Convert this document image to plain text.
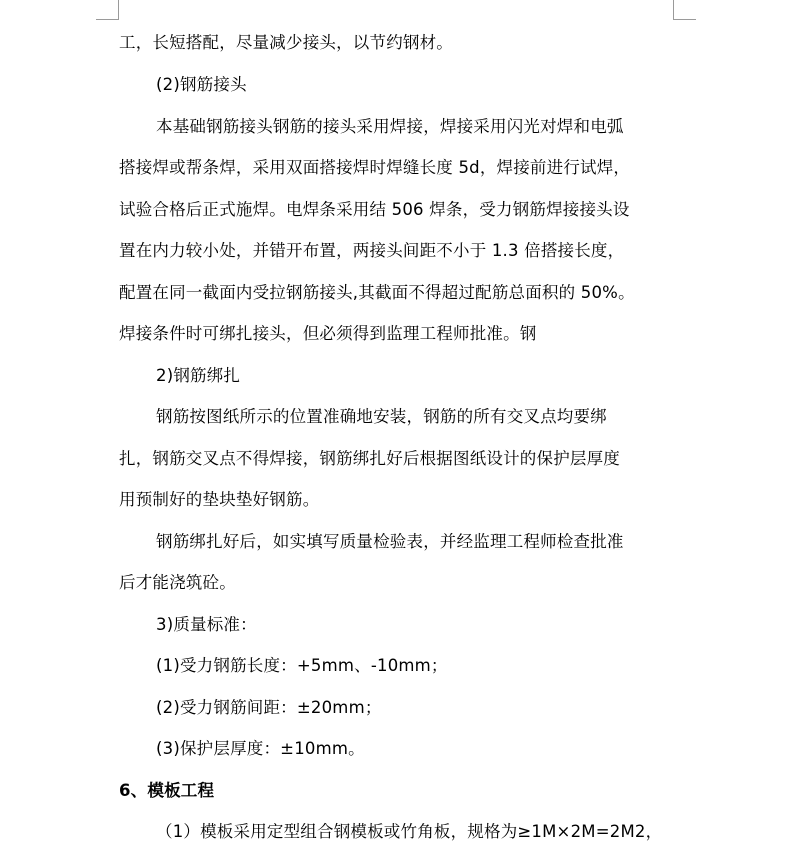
工，长短搭配，尽量减少接头，以节约钢材。
(2)钢筋接头
本基础钢筋接头钢筋的接头采用焊接，焊接采用闪光对焊和电弧
搭接焊或帮条焊，采用双面搭接焊时焊缝长度 5d，焊接前进行试焊，
试验合格后正式施焊。电焊条采用结 506 焊条，受力钢筋焊接接头设
置在内力较小处，并错开布置，两接头间距不小于 1.3 倍搭接长度，
配置在同一截面内受拉钢筋接头,其截面不得超过配筋总面积的 50%。
焊接条件时可绑扎接头，但必须得到监理工程师批准。钢
2)钢筋绑扎
钢筋按图纸所示的位置准确地安装，钢筋的所有交叉点均要绑
扎，钢筋交叉点不得焊接，钢筋绑扎好后根据图纸设计的保护层厚度
用预制好的垫块垫好钢筋。
钢筋绑扎好后，如实填写质量检验表，并经监理工程师检查批准
后才能浇筑砼。
3)质量标准：
(1)受力钢筋长度：+5mm、-10mm；
(2)受力钢筋间距：±20mm；
(3)保护层厚度：±10mm。
6、模板工程
（1）模板采用定型组合钢模板或竹角板，规格为≥1M×2M=2M2，
